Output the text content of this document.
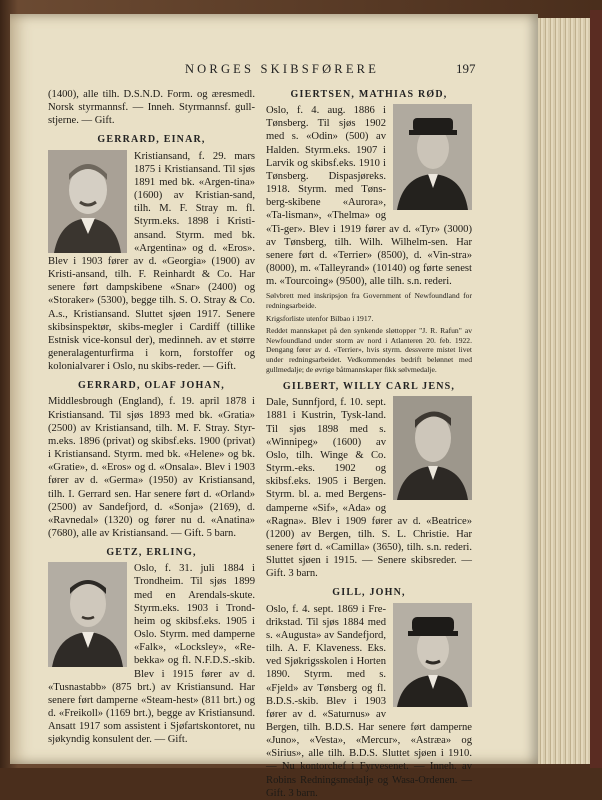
NORGES SKIBSFØRERE	197

(1400), alle tilh. D.S.N.D. Form. og æresmedl. Norsk styrmannsf. — Inneh. Styrmannsf. gull-stjerne. — Gift.

GERRARD, EINAR,

Kristiansand, f. 29. mars 1875 i Kristiansand. Til sjøs 1891 med bk. «Argen-tina» (1600) av Kristian-sand, tilh. M. F. Stray m. fl. Styrm.eks. 1898 i Kristi-ansand. Styrm. med bk. «Argentina» og d. «Eros». Blev i 1903 fører av d. «Georgia» (1900) av Kristi-ansand, tilh. F. Reinhardt & Co. Har senere ført dampskibene «Snar» (2400) og «Storaker» (5300), begge tilh. S. O. Stray & Co. A.s., Kristiansand. Sluttet sjøen 1917. Senere skibsinspektør, skibs-megler i Cardiff (tillike Estnisk vice-konsul der), medinneh. av et større generalagenturfirma i korn, forstoffer og kolonialvarer i Oslo, nu skibs-reder. — Gift.

GERRARD, OLAF JOHAN,

Middlesbrough (England), f. 19. april 1878 i Kristiansand. Til sjøs 1893 med bk. «Gratia» (2500) av Kristiansand, tilh. M. F. Stray. Styr-m.eks. 1896 (privat) og skibsf.eks. 1900 (privat) i Kristiansand. Styrm. med bk. «Helene» og bk. «Gratie», d. «Eros» og d. «Onsala». Blev i 1903 fører av d. «Germa» (1950) av Kristiansand, tilh. I. Gerrard sen. Har senere ført d. «Orland» (2500) av Sandefjord, d. «Sonja» (2169), d. «Ravnedal» (1320) og fører nu d. «Anatina» (7680), alle av Kristiansand. — Gift. 5 barn.

GETZ, ERLING,

Oslo, f. 31. juli 1884 i Trondheim. Til sjøs 1899 med en Arendals-skute. Styrm.eks. 1903 i Trond-heim og skibsf.eks. 1905 i Oslo. Styrm. med damperne «Falk», «Locksley», «Re-bekka» og fl. N.F.D.S.-skib. Blev i 1915 fører av d. «Tusnastabb» (875 brt.) av Kristiansund. Har senere ført damperne «Steam-hest» (811 brt.) og d. «Freikoll» (1169 brt.), begge av Kristiansund. Ansatt 1917 som assistent i Sjøfartskontoret, nu sjøkyndig konsulent der. — Gift.

GIERTSEN, MATHIAS RØD,

Oslo, f. 4. aug. 1886 i Tønsberg. Til sjøs 1902 med s. «Odin» (500) av Halden. Styrm.eks. 1907 i Larvik og skibsf.eks. 1910 i Tønsberg. Dispasjøreks. 1918. Styrm. med Tøns-berg-skibene «Aurora», «Ta-lisman», «Thelma» og «Ti-ger». Blev i 1919 fører av d. «Tyr» (3000) av Tønsberg, tilh. Wilh. Wilhelm-sen. Har senere ført d. «Terrier» (8500), d. «Vin-stra» (8000), m. «Talleyrand» (10140) og førte senest m. «Tourcoing» (9500), alle tilh. s.n. rederi.

Sølvbrett med inskripsjon fra Government of Newfoundland for redningsarbeide.

Krigsforliste utenfor Bilbao i 1917.

Reddet mannskapet på den synkende sløttopper "J. R. Rafun" av Newfoundland under storm av nord i Atlanteren 20. feb. 1922. Dengang fører av d. «Terrier», hvis styrm. dessverre mistet livet under redningsarbeidet. Vedkommendes bedrift belønnet med gullmedalje; de øvrige båtmannskaper fikk sølvmedalje.

GILBERT, WILLY CARL JENS,

Dale, Sunnfjord, f. 10. sept. 1881 i Kustrin, Tysk-land. Til sjøs 1898 med s. «Winnipeg» (1600) av Oslo, tilh. Winge & Co. Styrm.-eks. 1902 og skibsf.eks. 1905 i Bergen. Styrm. bl. a. med Bergens-damperne «Sif», «Ada» og «Ragna». Blev i 1909 fører av d. «Beatrice» (1200) av Bergen, tilh. S. L. Christie. Har senere ført d. «Camilla» (3650), tilh. s.n. rederi. Sluttet sjøen i 1915. — Senere skibsreder. — Gift. 3 barn.

GILL, JOHN,

Oslo, f. 4. sept. 1869 i Fre-drikstad. Til sjøs 1884 med s. «Augusta» av Sandefjord, tilh. A. F. Klaveness. Eks. ved Sjøkrigsskolen i Horten 1890. Styrm. med s. «Fjeld» av Tønsberg og fl. B.D.S.-skib. Blev i 1903 fører av d. «Saturnus» av Bergen, tilh. B.D.S. Har senere ført damperne «Juno», «Vesta», «Mercur», «Astræa» og «Sirius», alle tilh. B.D.S. Sluttet sjøen i 1910. — Nu kontorchef i Fyrvesenet. — Inneh. av Robins Redningsmedalje og Wasa-Ordenen. — Gift. 3 barn.
